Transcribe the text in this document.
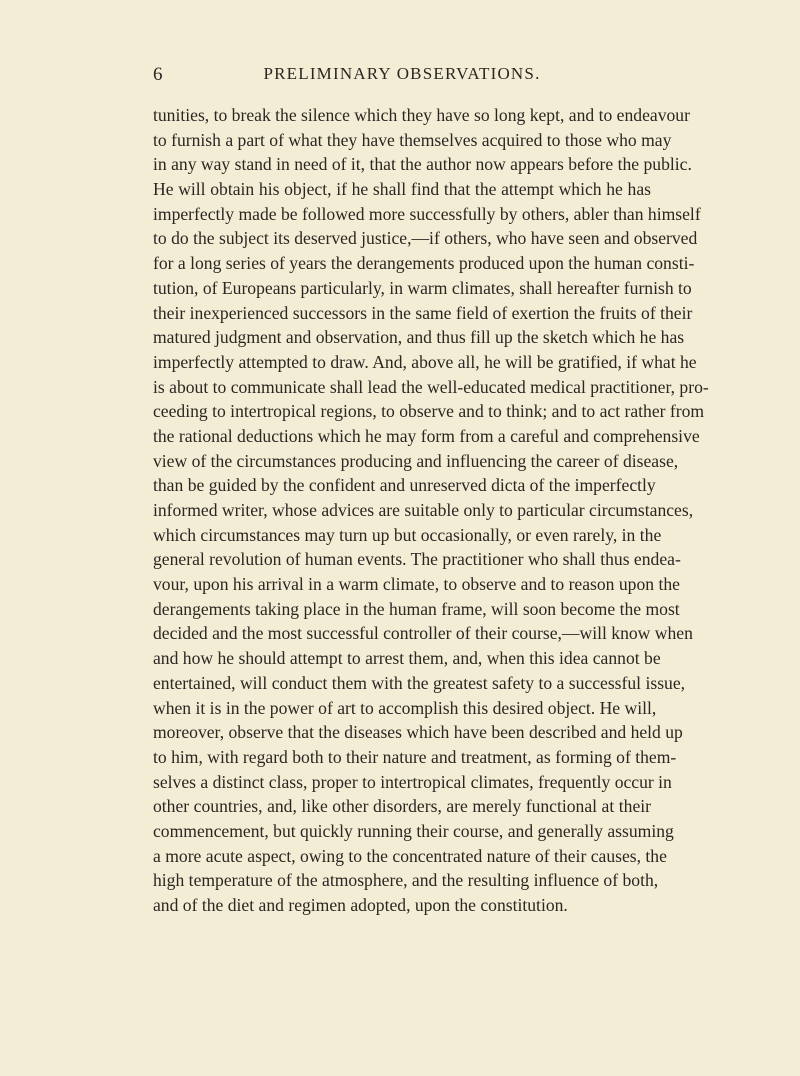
6	PRELIMINARY OBSERVATIONS.
tunities, to break the silence which they have so long kept, and to endeavour
to furnish a part of what they have themselves acquired to those who may
in any way stand in need of it, that the author now appears before the public.
He will obtain his object, if he shall find that the attempt which he has
imperfectly made be followed more successfully by others, abler than himself
to do the subject its deserved justice,—if others, who have seen and observed
for a long series of years the derangements produced upon the human consti-
tution, of Europeans particularly, in warm climates, shall hereafter furnish to
their inexperienced successors in the same field of exertion the fruits of their
matured judgment and observation, and thus fill up the sketch which he has
imperfectly attempted to draw. And, above all, he will be gratified, if what he
is about to communicate shall lead the well-educated medical practitioner, pro-
ceeding to intertropical regions, to observe and to think; and to act rather from
the rational deductions which he may form from a careful and comprehensive
view of the circumstances producing and influencing the career of disease,
than be guided by the confident and unreserved dicta of the imperfectly
informed writer, whose advices are suitable only to particular circumstances,
which circumstances may turn up but occasionally, or even rarely, in the
general revolution of human events. The practitioner who shall thus endea-
vour, upon his arrival in a warm climate, to observe and to reason upon the
derangements taking place in the human frame, will soon become the most
decided and the most successful controller of their course,—will know when
and how he should attempt to arrest them, and, when this idea cannot be
entertained, will conduct them with the greatest safety to a successful issue,
when it is in the power of art to accomplish this desired object. He will,
moreover, observe that the diseases which have been described and held up
to him, with regard both to their nature and treatment, as forming of them-
selves a distinct class, proper to intertropical climates, frequently occur in
other countries, and, like other disorders, are merely functional at their
commencement, but quickly running their course, and generally assuming
a more acute aspect, owing to the concentrated nature of their causes, the
high temperature of the atmosphere, and the resulting influence of both,
and of the diet and regimen adopted, upon the constitution.
